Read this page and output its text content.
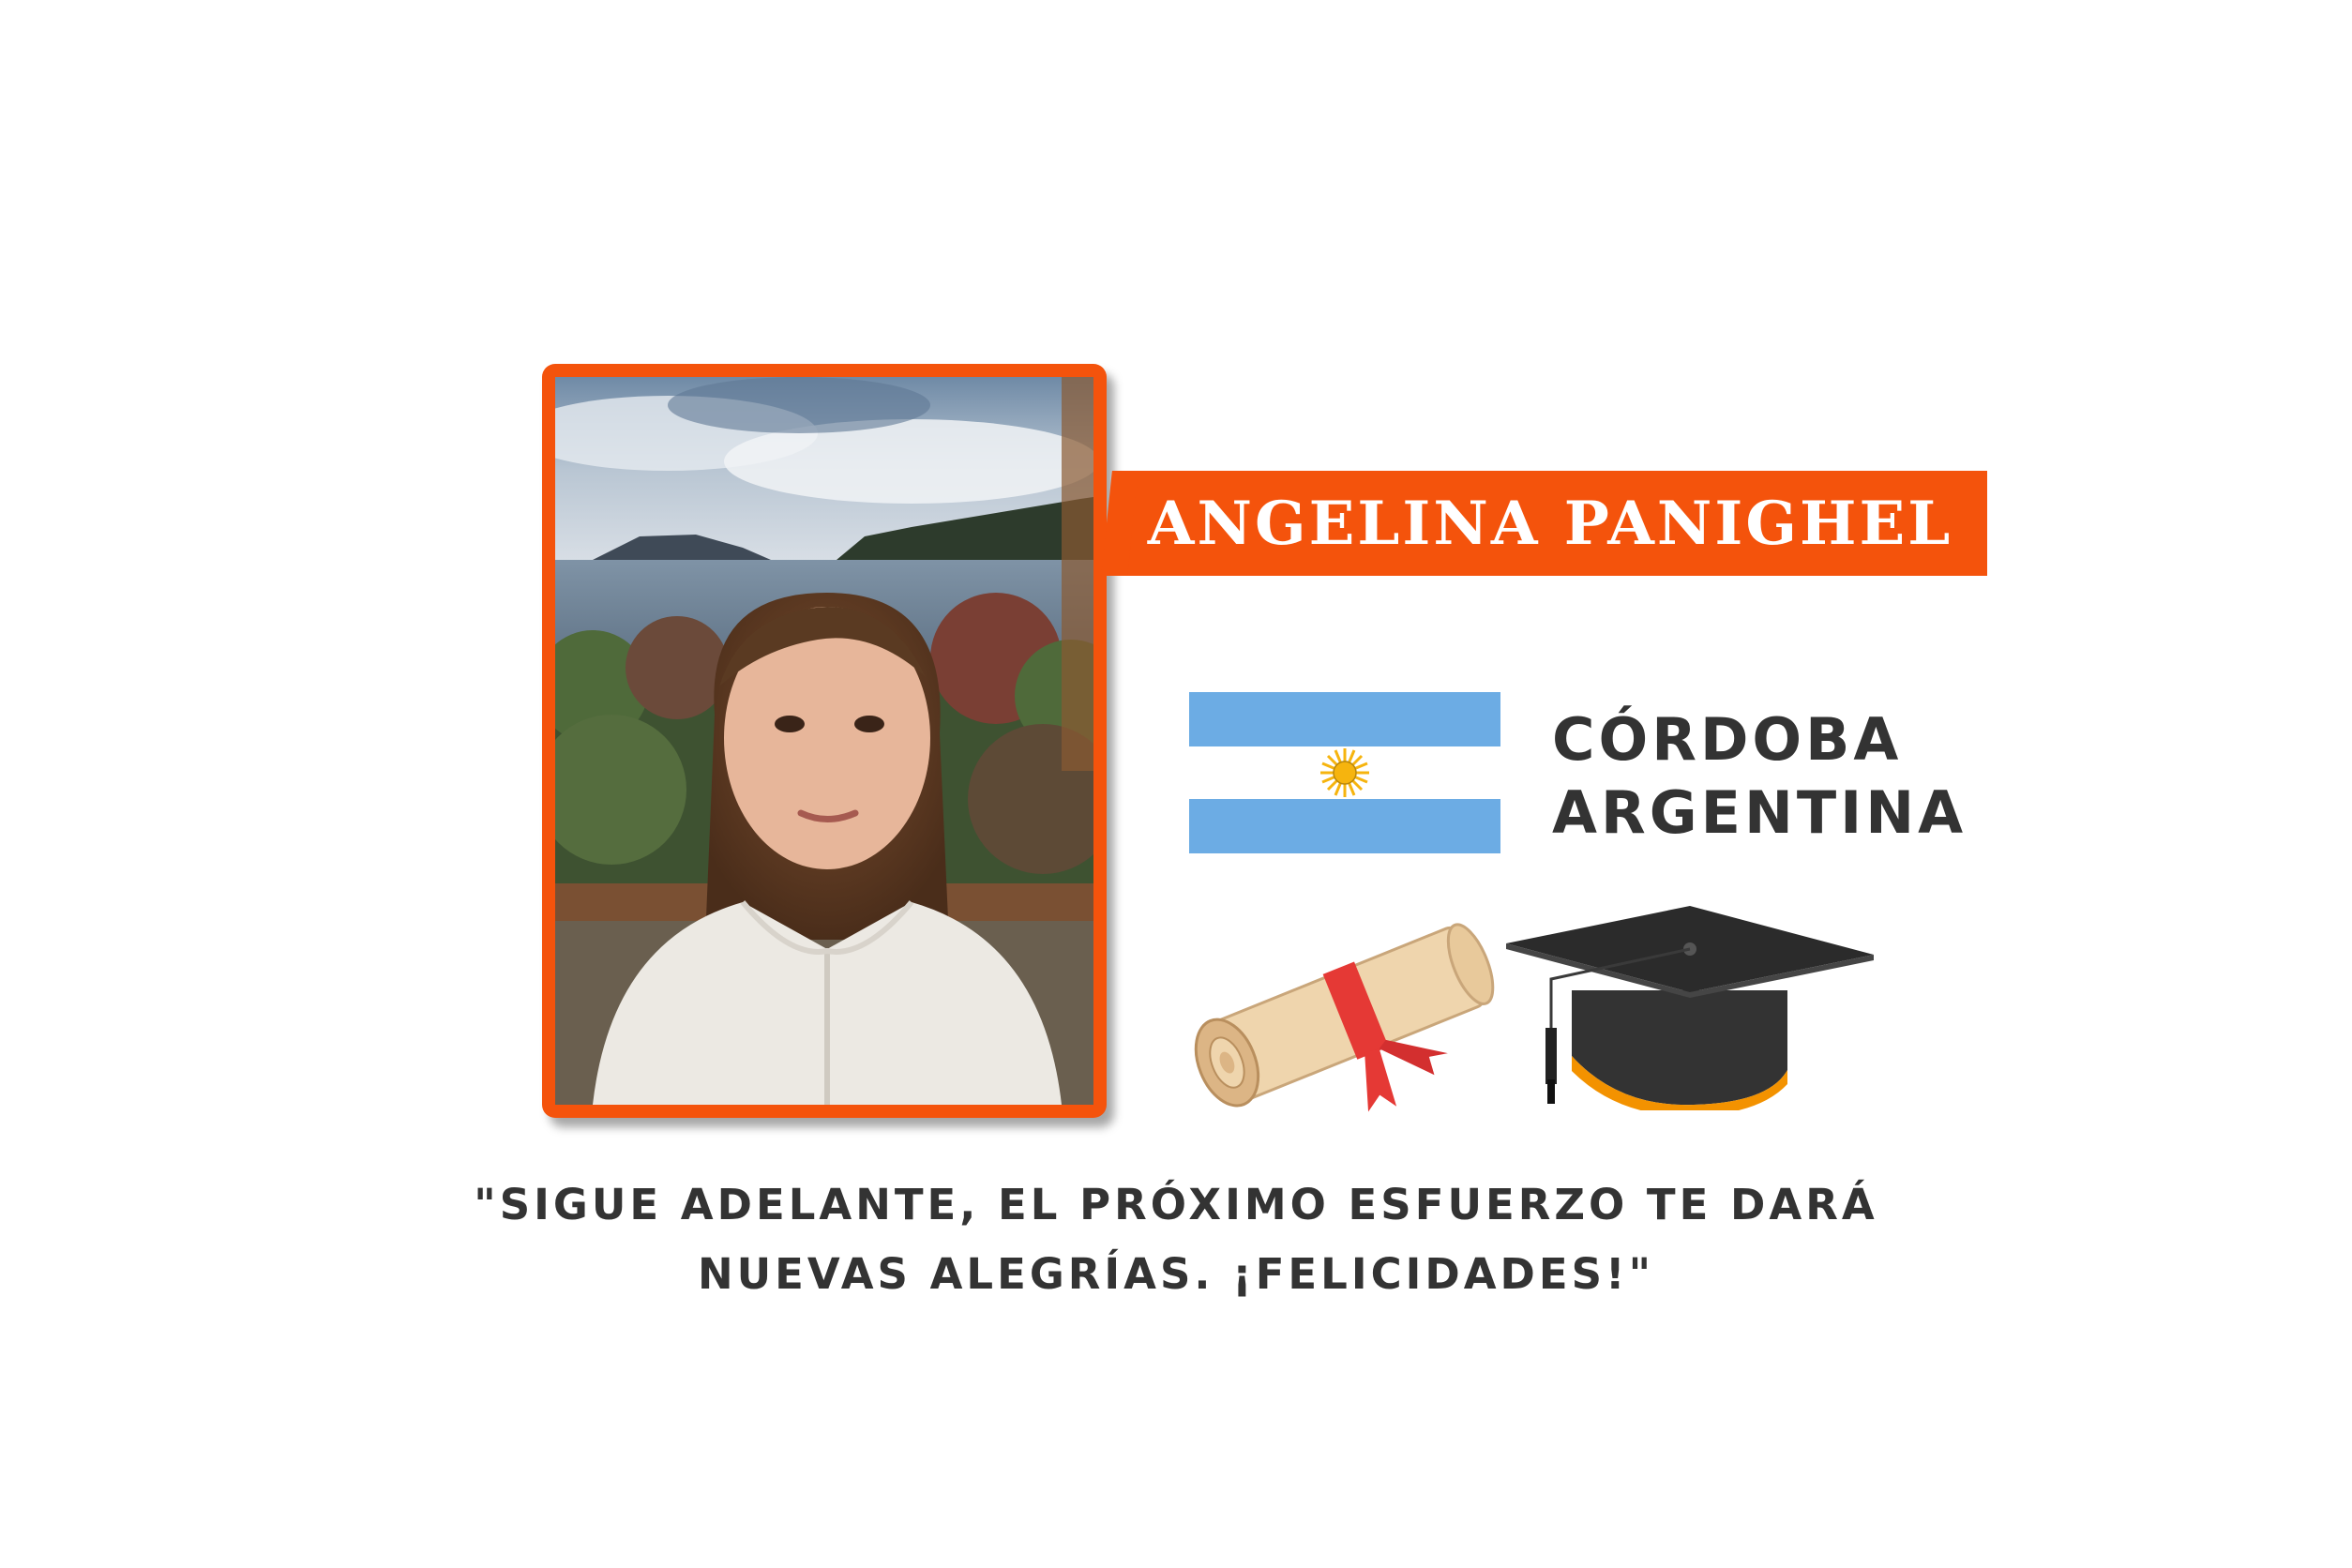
ANGELINA PANIGHEL
CÓRDOBA
ARGENTINA
"SIGUE ADELANTE, EL PRÓXIMO ESFUERZO TE DARÁ
NUEVAS ALEGRÍAS. ¡FELICIDADES!"
